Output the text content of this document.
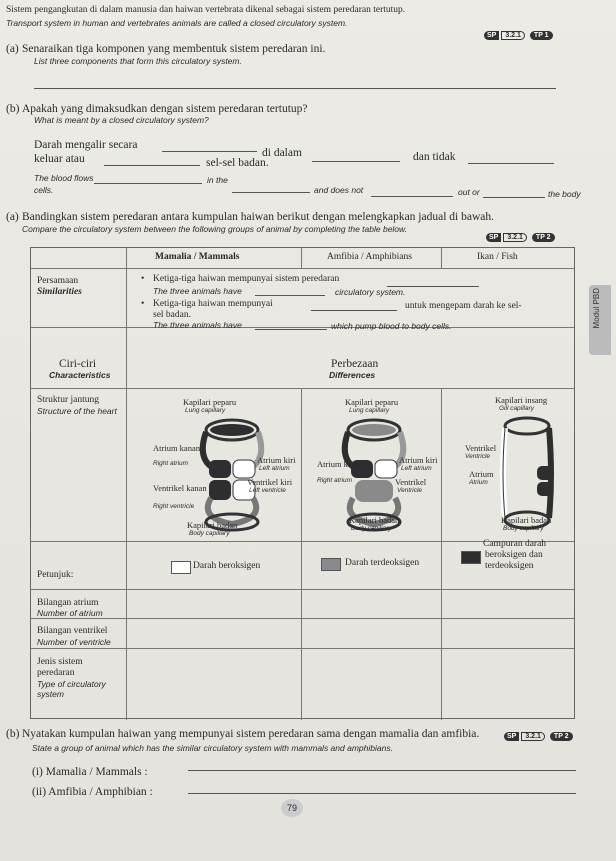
Sistem pengangkutan di dalam manusia dan haiwan vertebrata dikenal sebagai sistem peredaran tertutup.
Transport system in human and vertebrates animals are called a closed circulatory system.
(a) Senaraikan tiga komponen yang membentuk sistem peredaran ini.
List three components that form this circulatory system.
SP	3.2.1	TP 1
(b) Apakah yang dimaksudkan dengan sistem peredaran tertutup?
What is meant by a closed circulatory system?
Darah mengalir secara
di dalam	dan tidak
keluar atau	sel-sel badan.
The blood flows	in the
and does not	out or	the body
cells.
(a) Bandingkan sistem peredaran antara kumpulan haiwan berikut dengan melengkapkan jadual di bawah.
Compare the circulatory system between the following groups of animal by completing the table below.
SP	3.2.1	TP 2
Mamalia / Mammals	Amfibia / Amphibians	Ikan / Fish
Persamaan
Similarities
• Ketiga-tiga haiwan mempunyai sistem peredaran
The three animals have	circulatory system.
• Ketiga-tiga haiwan mempunyai	untuk mengepam darah ke sel-
sel badan.
The three animals have	which pump blood to body cells.
Ciri-ciri
Characteristics
Perbezaan
Differences
Struktur jantung
Structure of the heart
Kapilari peparu
Lung capillary
Atrium kanan
Right atrium	Atrium kiri
Left atrium
Ventrikel kiri
Left ventricle
Ventrikel kanan
Right ventricle
Kapilari badan
Body capillary
Kapilari peparu
Lung capillary
Atrium kanan
Right atrium
Atrium kiri
Left atrium
Ventrikel
Ventricle
Kapilari badan
Body capillary
Kapilari insang
Gill capillary
Ventrikel
Ventricle
Atrium
Atrium
Kapilari badan
Body capillary
Petunjuk:
Darah beroksigen	Darah terdeoksigen
Campuran darah
beroksigen dan
terdeoksigen
Bilangan atrium
Number of atrium
Bilangan ventrikel
Number of ventricle
Jenis sistem
peredaran
Type of circulatory
system
(b) Nyatakan kumpulan haiwan yang mempunyai sistem peredaran sama dengan mamalia dan amfibia.
State a group of animal which has the similar circulatory system with mammals and amphibians.
SP	3.2.1	TP 2
(i) Mamalia / Mammals :
(ii) Amfibia / Amphibian :
Modul PBD
79
